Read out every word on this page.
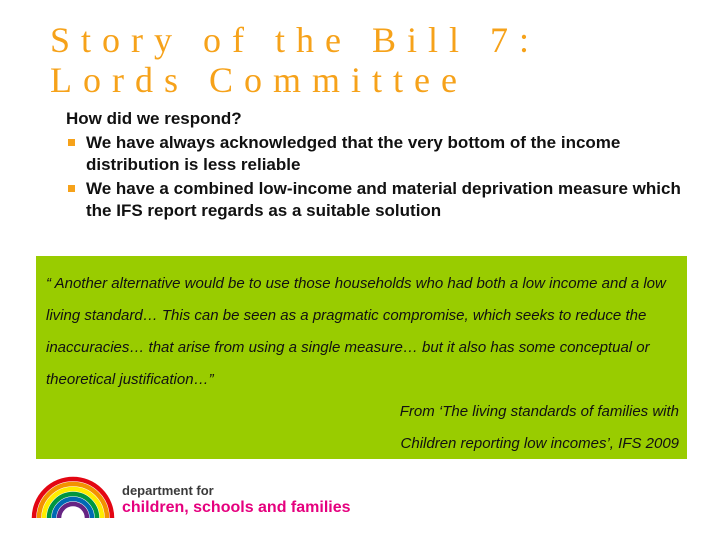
Story of the Bill 7:
Lords Committee

How did we respond?

We have always acknowledged that the very bottom of the income distribution is less reliable
We have a combined low-income and material deprivation measure which the IFS report regards as a suitable solution

“ Another alternative would be to use those households who had both a low income and a low living standard… This can be seen as a pragmatic compromise, which seeks to reduce the inaccuracies… that arise from using a single measure… but it also has some conceptual or theoretical justification…”

From ‘The living standards of families with

Children reporting low incomes’, IFS 2009

department for
children, schools and families
